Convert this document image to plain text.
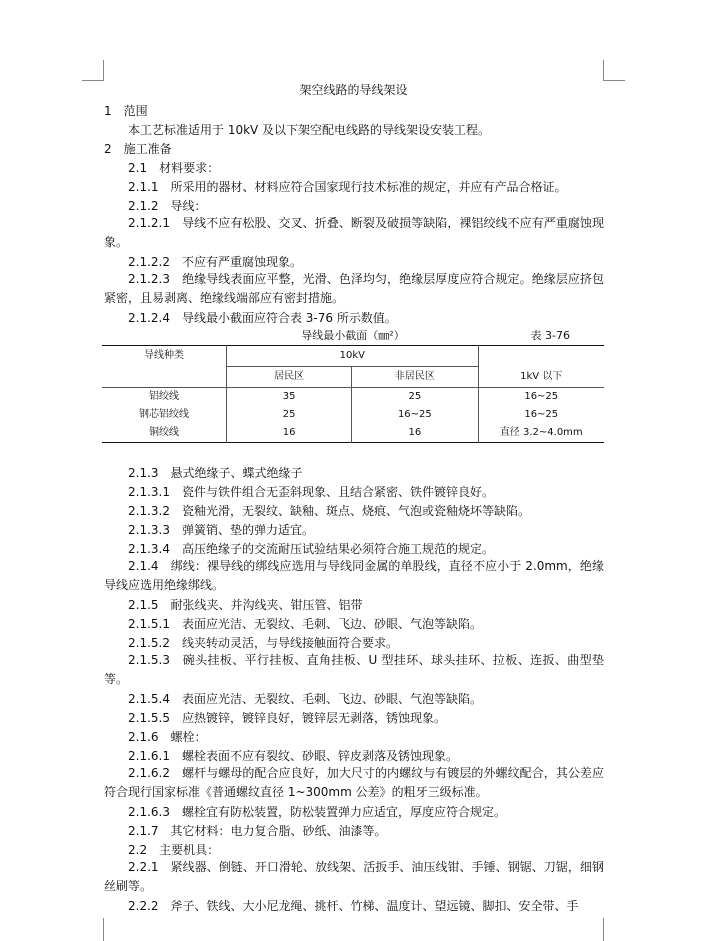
架空线路的导线架设
1　范围
本工艺标准适用于 10kV 及以下架空配电线路的导线架设安装工程。
2　施工准备
2.1　材料要求：
2.1.1　所采用的器材、材料应符合国家现行技术标准的规定，并应有产品合格证。
2.1.2　导线：
2.1.2.1　导线不应有松股、交叉、折叠、断裂及破损等缺陷，裸铝绞线不应有严重腐蚀现象。
2.1.2.2　不应有严重腐蚀现象。
2.1.2.3　绝缘导线表面应平整，光滑、色泽均匀，绝缘层厚度应符合规定。绝缘层应挤包紧密，且易剥离、绝缘线端部应有密封措施。
2.1.2.4　导线最小截面应符合表 3-76 所示数值。
导线最小截面（㎜²）	表 3-76
导线种类	10kV		
	居民区	非居民区	1kV 以下
铝绞线	35	25	16~25
钢芯铝绞线	25	16~25	16~25
铜绞线	16	16	直径 3.2~4.0mm
2.1.3　悬式绝缘子、蝶式绝缘子
2.1.3.1　瓷件与铁件组合无歪斜现象、且结合紧密、铁件镀锌良好。
2.1.3.2　瓷釉光滑，无裂纹、缺釉、斑点、烧痕、气泡或瓷釉烧坏等缺陷。
2.1.3.3　弹簧销、垫的弹力适宜。
2.1.3.4　高压绝缘子的交流耐压试验结果必须符合施工规范的规定。
2.1.4　绑线：裸导线的绑线应选用与导线同金属的单股线，直径不应小于 2.0mm，绝缘导线应选用绝缘绑线。
2.1.5　耐张线夹、并沟线夹、钳压管、铝带
2.1.5.1　表面应光洁、无裂纹、毛刺、飞边、砂眼、气泡等缺陷。
2.1.5.2　线夹转动灵活，与导线接触面符合要求。
2.1.5.3　碗头挂板、平行挂板、直角挂板、U 型挂环、球头挂环、拉板、连扳、曲型垫等。
2.1.5.4　表面应光洁、无裂纹、毛刺、飞边、砂眼、气泡等缺陷。
2.1.5.5　应热镀锌，镀锌良好，镀锌层无剥落，锈蚀现象。
2.1.6　螺栓：
2.1.6.1　螺栓表面不应有裂纹、砂眼、锌皮剥落及锈蚀现象。
2.1.6.2　螺杆与螺母的配合应良好，加大尺寸的内螺纹与有镀层的外螺纹配合，其公差应符合现行国家标准《普通螺纹直径 1~300mm 公差》的粗牙三级标准。
2.1.6.3　螺栓宜有防松装置，防松装置弹力应适宜，厚度应符合规定。
2.1.7　其它材料：电力复合脂、砂纸、油漆等。
2.2　主要机具：
2.2.1　紧线器、倒链、开口滑轮、放线架、活扳手、油压线钳、手锤、钢锯、刀锯，细钢丝刷等。
2.2.2　斧子、铁线、大小尼龙绳、挑杆、竹梯、温度计、望远镜、脚扣、安全带、手
